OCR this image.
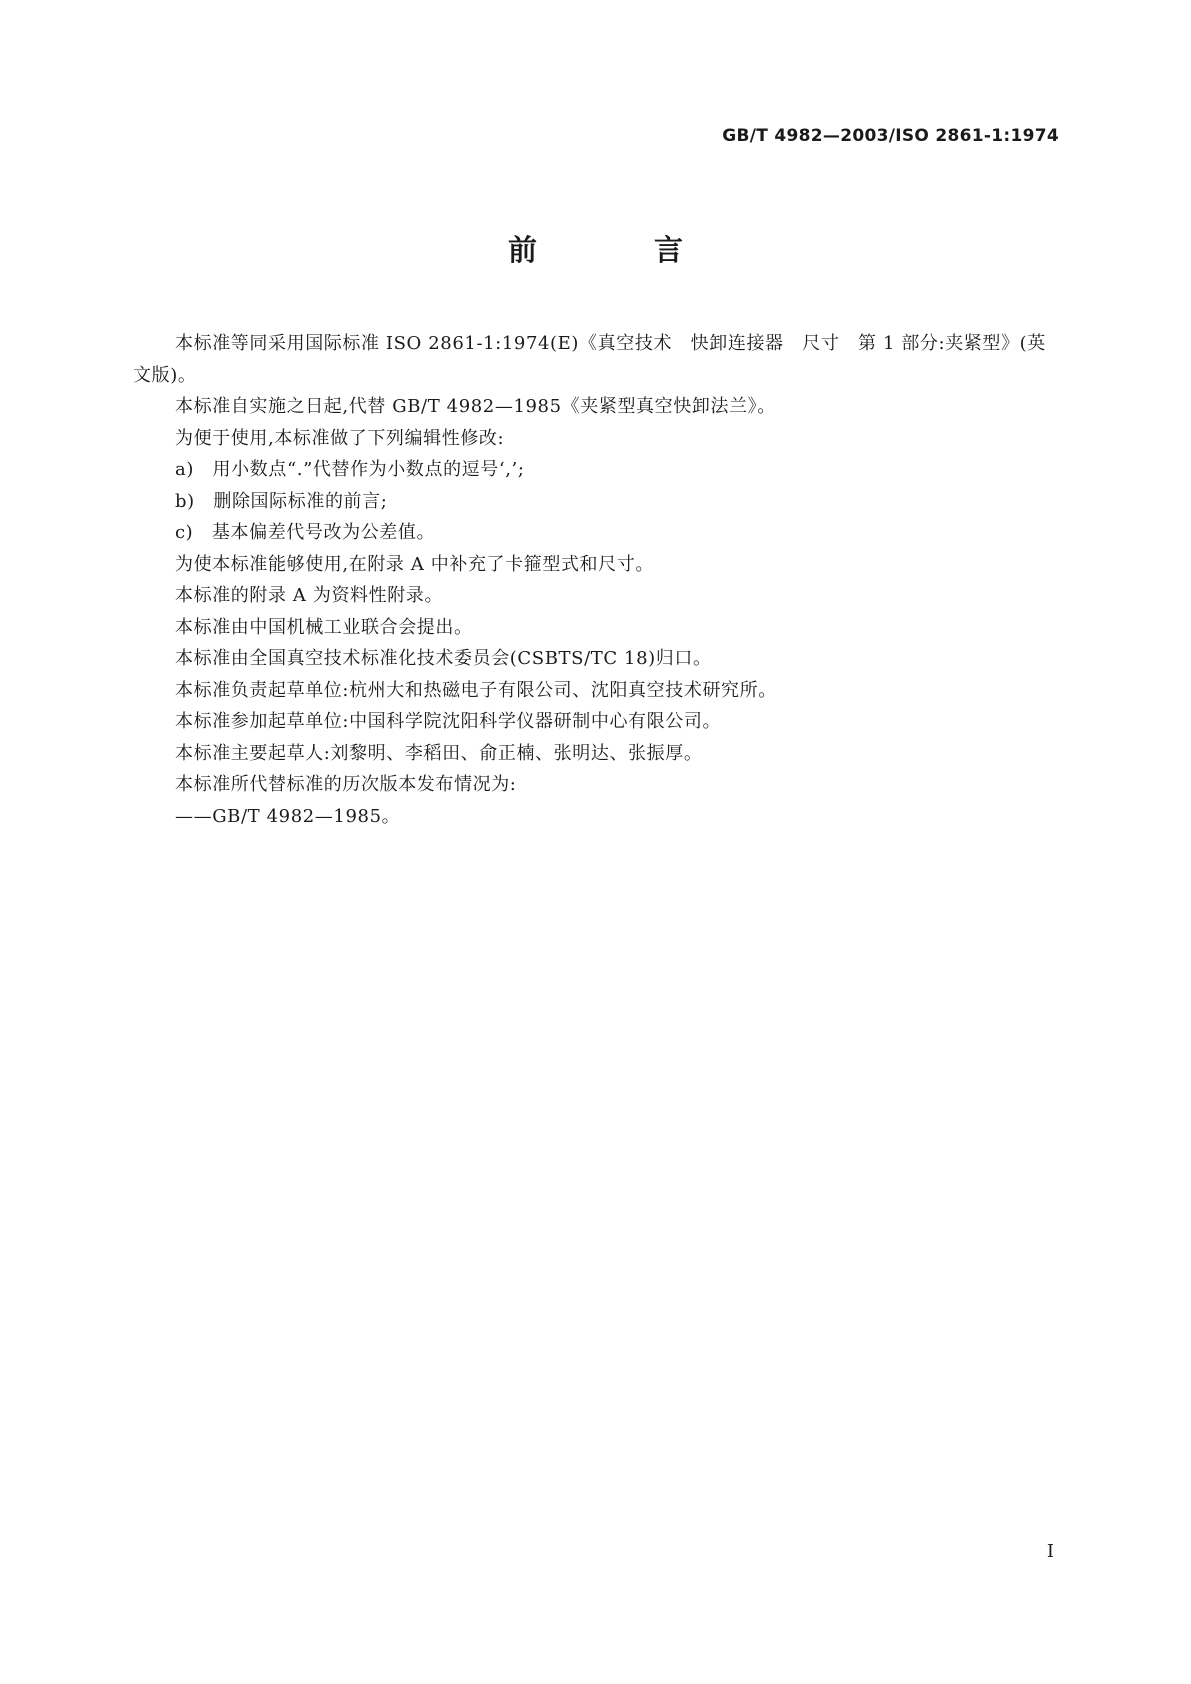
GB/T 4982—2003/ISO 2861-1:1974
前　言

本标准等同采用国际标准 ISO 2861-1:1974(E)《真空技术　快卸连接器　尺寸　第 1 部分:夹紧型》(英文版)。

本标准自实施之日起,代替 GB/T 4982—1985《夹紧型真空快卸法兰》。

为便于使用,本标准做了下列编辑性修改:

a)　用小数点“.”代替作为小数点的逗号‘,’;

b)　删除国际标准的前言;

c)　基本偏差代号改为公差值。

为使本标准能够使用,在附录 A 中补充了卡箍型式和尺寸。

本标准的附录 A 为资料性附录。

本标准由中国机械工业联合会提出。

本标准由全国真空技术标准化技术委员会(CSBTS/TC 18)归口。

本标准负责起草单位:杭州大和热磁电子有限公司、沈阳真空技术研究所。

本标准参加起草单位:中国科学院沈阳科学仪器研制中心有限公司。

本标准主要起草人:刘黎明、李稻田、俞正楠、张明达、张振厚。

本标准所代替标准的历次版本发布情况为:

——GB/T 4982—1985。

I
